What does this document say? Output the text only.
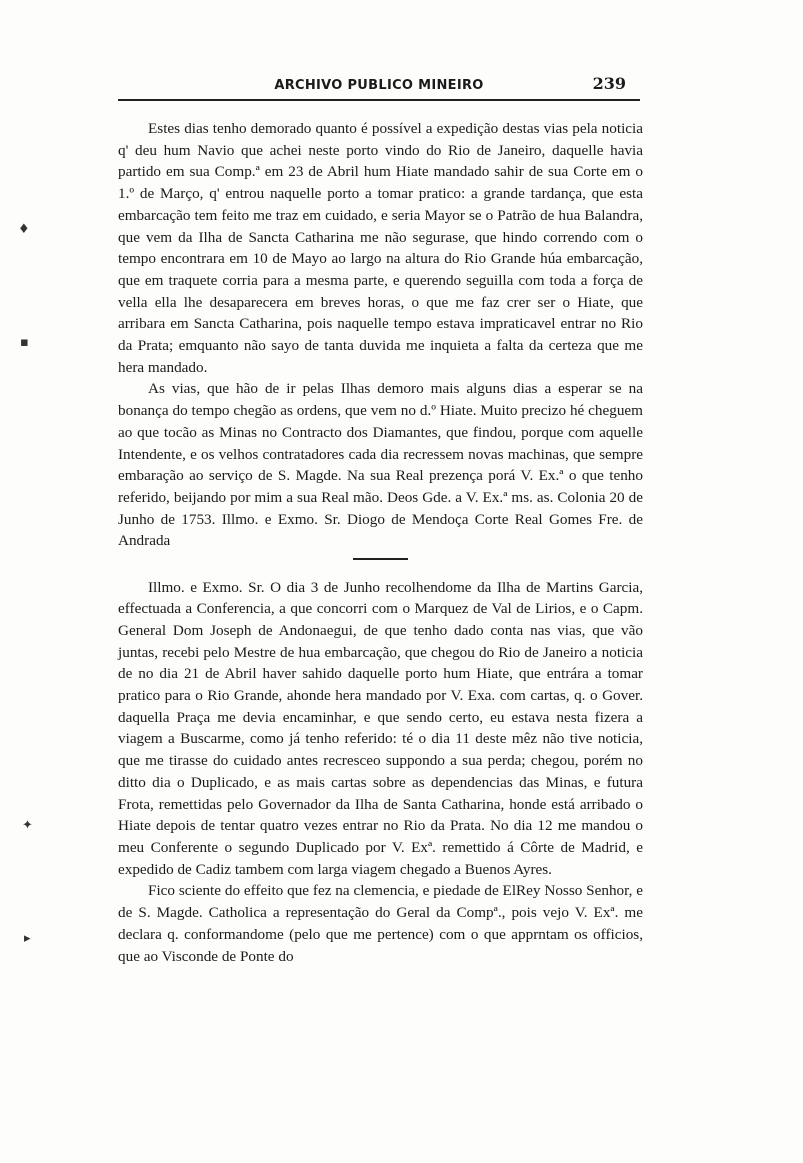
ARCHIVO PUBLICO MINEIRO	239
♦
▪
✦
▸

Estes dias tenho demorado quanto é possível a expedição destas vias pela noticia q' deu hum Navio que achei neste porto vindo do Rio de Janeiro, daquelle havia partido em sua Comp.ª em 23 de Abril hum Hiate mandado sahir de sua Corte em o 1.º de Março, q' entrou naquelle porto a tomar pratico: a grande tardança, que esta embarcação tem feito me traz em cuidado, e seria Mayor se o Patrão de hua Balandra, que vem da Ilha de Sancta Catharina me não segurase, que hindo correndo com o tempo encontrara em 10 de Mayo ao largo na altura do Rio Grande húa embarcação, que em traquete corria para a mesma parte, e querendo seguilla com toda a força de vella ella lhe desaparecera em breves horas, o que me faz crer ser o Hiate, que arribara em Sancta Catharina, pois naquelle tempo estava impraticavel entrar no Rio da Prata; emquanto não sayo de tanta duvida me inquieta a falta da certeza que me hera mandado.

As vias, que hão de ir pelas Ilhas demoro mais alguns dias a esperar se na bonança do tempo chegão as ordens, que vem no d.º Hiate. Muito precizo hé cheguem ao que tocão as Minas no Contracto dos Diamantes, que findou, porque com aquelle Intendente, e os velhos contratadores cada dia recressem novas machinas, que sempre embaração ao serviço de S. Magde. Na sua Real prezença porá V. Ex.ª o que tenho referido, beijando por mim a sua Real mão. Deos Gde. a V. Ex.ª ms. as. Colonia 20 de Junho de 1753. Illmo. e Exmo. Sr. Diogo de Mendoça Corte Real Gomes Fre. de Andrada

Illmo. e Exmo. Sr. O dia 3 de Junho recolhendome da Ilha de Martins Garcia, effectuada a Conferencia, a que concorri com o Marquez de Val de Lirios, e o Capm. General Dom Joseph de Andonaegui, de que tenho dado conta nas vias, que vão juntas, recebi pelo Mestre de hua embarcação, que chegou do Rio de Janeiro a noticia de no dia 21 de Abril haver sahido daquelle porto hum Hiate, que entrára a tomar pratico para o Rio Grande, ahonde hera mandado por V. Exa. com cartas, q. o Gover. daquella Praça me devia encaminhar, e que sendo certo, eu estava nesta fizera a viagem a Buscarme, como já tenho referido: té o dia 11 deste mêz não tive noticia, que me tirasse do cuidado antes recresceo suppondo a sua perda; chegou, porém no ditto dia o Duplicado, e as mais cartas sobre as dependencias das Minas, e futura Frota, remettidas pelo Governador da Ilha de Santa Catharina, honde está arribado o Hiate depois de tentar quatro vezes entrar no Rio da Prata. No dia 12 me mandou o meu Conferente o segundo Duplicado por V. Exª. remettido á Côrte de Madrid, e expedido de Cadiz tambem com larga viagem chegado a Buenos Ayres.

Fico sciente do effeito que fez na clemencia, e piedade de ElRey Nosso Senhor, e de S. Magde. Catholica a representação do Geral da Compª., pois vejo V. Exª. me declara q. conformandome (pelo que me pertence) com o que apprntam os officios, que ao Visconde de Ponte do
